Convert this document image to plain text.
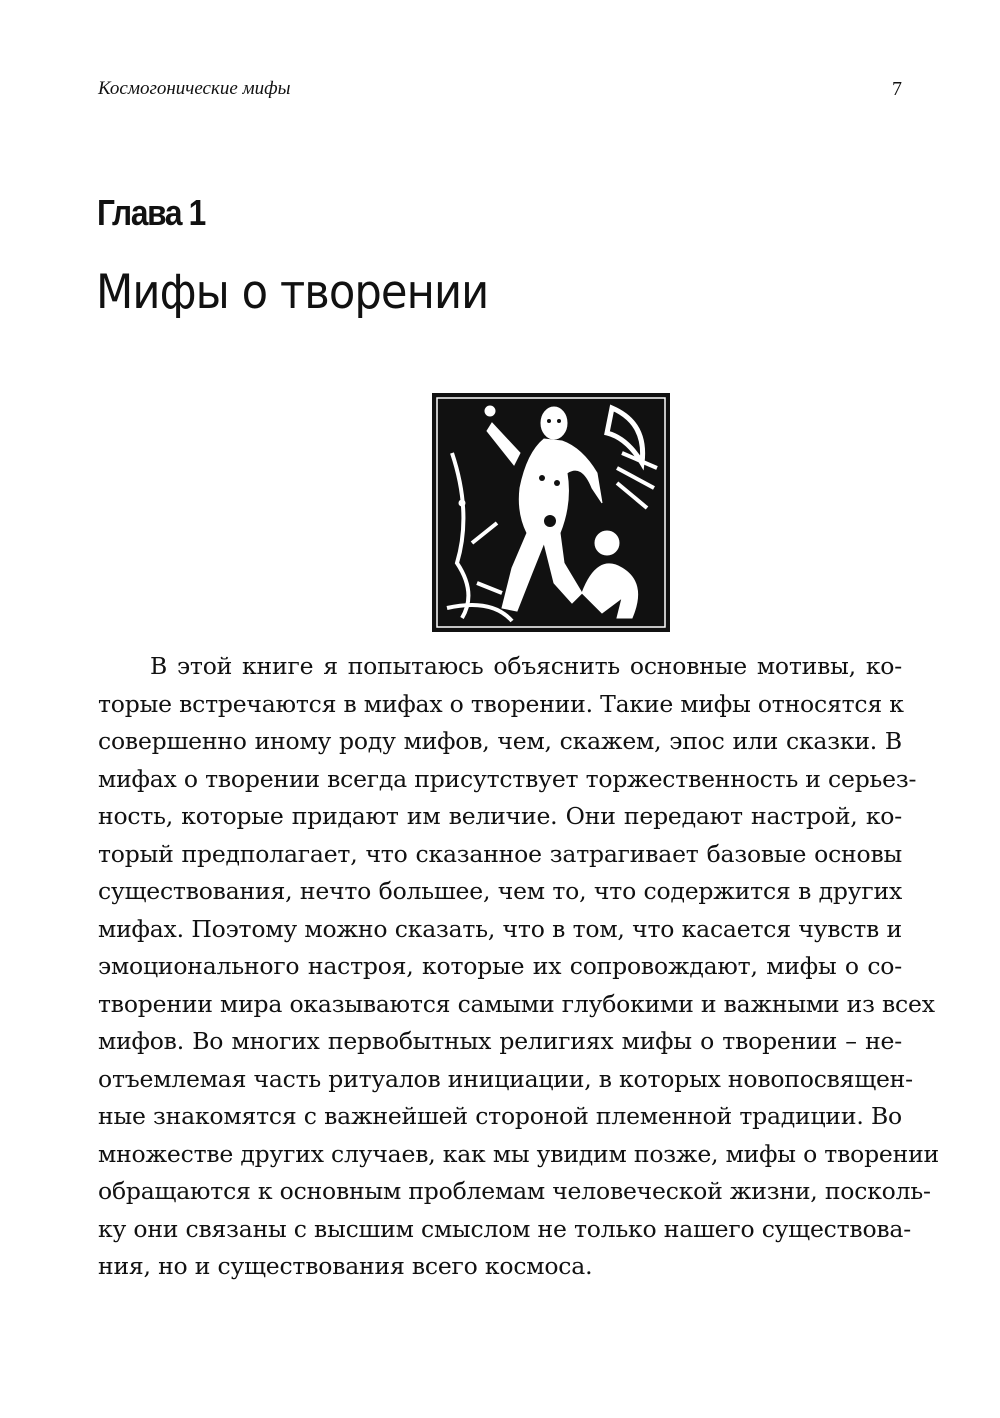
Космогонические мифы	7
Глава 1
Мифы о творении
В этой книге я попытаюсь объяснить основные мотивы, ко-
торые встречаются в мифах о творении. Такие мифы относятся к
совершенно иному роду мифов, чем, скажем, эпос или сказки. В
мифах о творении всегда присутствует торжественность и серьез-
ность, которые придают им величие. Они передают настрой, ко-
торый предполагает, что сказанное затрагивает базовые основы
существования, нечто большее, чем то, что содержится в других
мифах. Поэтому можно сказать, что в том, что касается чувств и
эмоционального настроя, которые их сопровождают, мифы о со-
творении мира оказываются самыми глубокими и важными из всех
мифов. Во многих первобытных религиях мифы о творении – не-
отъемлемая часть ритуалов инициации, в которых новопосвящен-
ные знакомятся с важнейшей стороной племенной традиции. Во
множестве других случаев, как мы увидим позже, мифы о творении
обращаются к основным проблемам человеческой жизни, посколь-
ку они связаны с высшим смыслом не только нашего существова-
ния, но и существования всего космоса.
